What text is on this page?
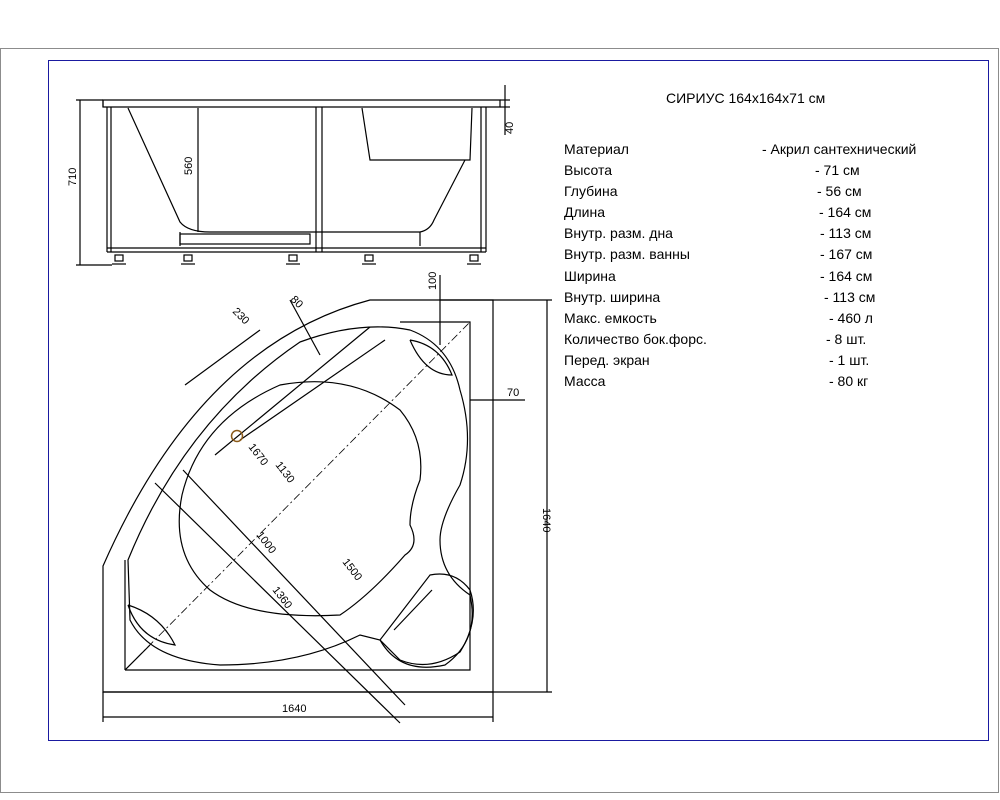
710
560
40
100
70
1640
1640
230
80
1670
1130
1000
1500
1360
СИРИУС 164х164х71 см
Материал	- Акрил сантехнический
Высота	- 71 см
Глубина	- 56 см
Длина	- 164 см
Внутр. разм. дна	- 113 см
Внутр. разм. ванны	- 167 см
Ширина	- 164 см
Внутр. ширина	- 113 см
Макс. емкость	- 460 л
Количество бок.форс.	- 8 шт.
Перед. экран	- 1 шт.
Масса	- 80 кг
